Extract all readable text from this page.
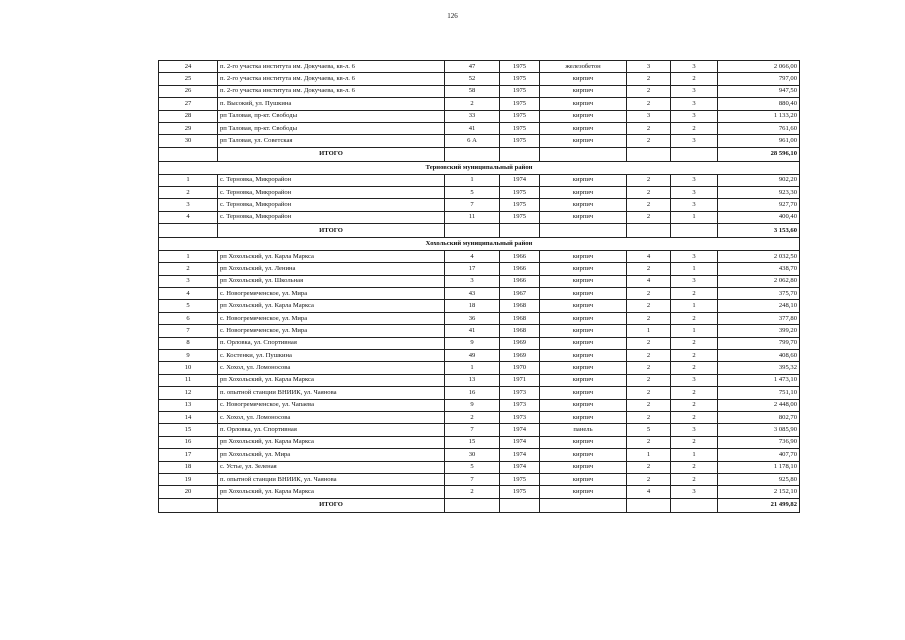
126
24	п. 2-го участка института им. Докучаева, кв-л. 6	47	1975	железобетон	3	3	2 066,00
25	п. 2-го участка института им. Докучаева, кв-л. 6	52	1975	кирпич	2	2	797,00
26	п. 2-го участка института им. Докучаева, кв-л. 6	58	1975	кирпич	2	3	947,50
27	п. Высокий, ул. Пушкина	2	1975	кирпич	2	3	880,40
28	рп Таловая, пр-кт. Свободы	33	1975	кирпич	3	3	1 133,20
29	рп Таловая, пр-кт. Свободы	41	1975	кирпич	2	2	761,60
30	рп Таловая, ул. Советская	6 А	1975	кирпич	2	3	961,00
	ИТОГО						28 596,10
Терновский муниципальный район							
1	с. Терновка, Микрорайон	1	1974	кирпич	2	3	902,20
2	с. Терновка, Микрорайон	5	1975	кирпич	2	3	923,30
3	с. Терновка, Микрорайон	7	1975	кирпич	2	3	927,70
4	с. Терновка, Микрорайон	11	1975	кирпич	2	1	400,40
	ИТОГО						3 153,60
Хохольский муниципальный район							
1	рп Хохольский, ул. Карла Маркса	4	1966	кирпич	4	3	2 032,50
2	рп Хохольский, ул. Ленина	17	1966	кирпич	2	1	438,70
3	рп Хохольский, ул. Школьная	3	1966	кирпич	4	3	2 062,80
4	с. Новогремяченское, ул. Мира	43	1967	кирпич	2	2	375,70
5	рп Хохольский, ул. Карла Маркса	18	1968	кирпич	2	1	248,10
6	с. Новогремяченское, ул. Мира	36	1968	кирпич	2	2	377,80
7	с. Новогремяченское, ул. Мира	41	1968	кирпич	1	1	399,20
8	п. Орловка, ул. Спортивная	9	1969	кирпич	2	2	799,70
9	с. Костенки, ул. Пушкина	49	1969	кирпич	2	2	408,60
10	с. Хохол, ул. Ломоносова	1	1970	кирпич	2	2	395,32
11	рп Хохольский, ул. Карла Маркса	13	1971	кирпич	2	3	1 473,10
12	п. опытной станции ВНИИК, ул. Чаянова	16	1973	кирпич	2	2	751,10
13	с. Новогремяченское, ул. Чапаева	9	1973	кирпич	2	2	2 448,00
14	с. Хохол, ул. Ломоносова	2	1973	кирпич	2	2	802,70
15	п. Орловка, ул. Спортивная	7	1974	панель	5	3	3 085,90
16	рп Хохольский, ул. Карла Маркса	15	1974	кирпич	2	2	736,90
17	рп Хохольский, ул. Мира	30	1974	кирпич	1	1	407,70
18	с. Устье, ул. Зеленая	5	1974	кирпич	2	2	1 178,10
19	п. опытной станции ВНИИК, ул. Чаянова	7	1975	кирпич	2	2	925,80
20	рп Хохольский, ул. Карла Маркса	2	1975	кирпич	4	3	2 152,10
	ИТОГО						21 499,82
